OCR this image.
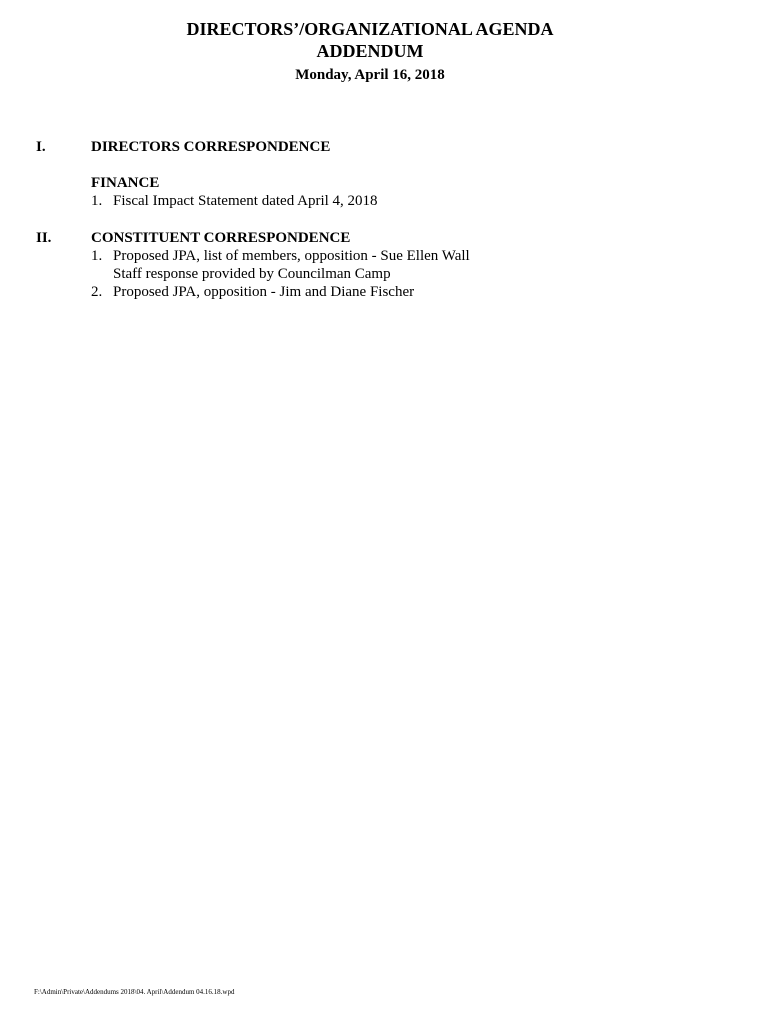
DIRECTORS’/ORGANIZATIONAL AGENDA
ADDENDUM
Monday, April 16, 2018
I.	DIRECTORS CORRESPONDENCE
FINANCE
1. Fiscal Impact Statement dated April 4, 2018
II.	CONSTITUENT CORRESPONDENCE
1. Proposed JPA, list of members, opposition - Sue Ellen Wall
Staff response provided by Councilman Camp
2. Proposed JPA, opposition - Jim and Diane Fischer
F:\Admin\Private\Addendums 2018\04. April\Addendum 04.16.18.wpd
